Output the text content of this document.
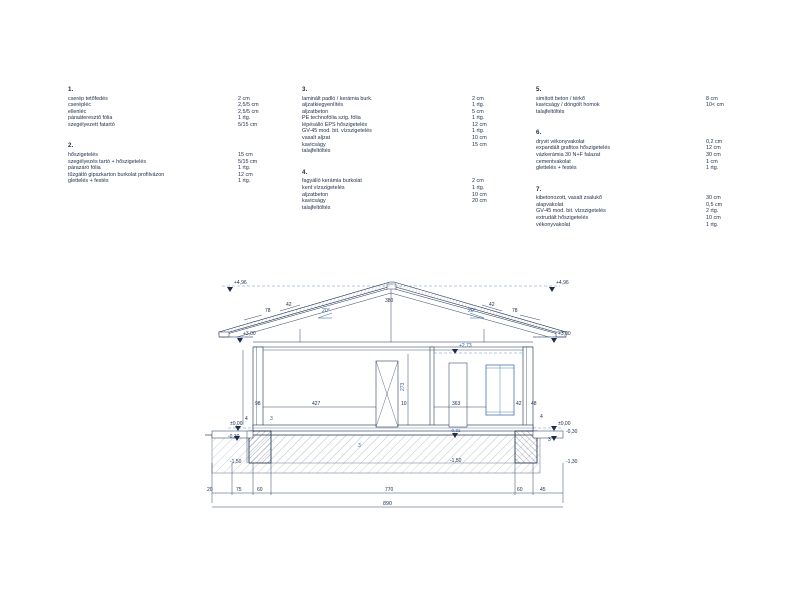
1.
cserép tetőfedés	2 cm
cserépléc	2,5/5 cm
ellenléc	2,5/5 cm
páraáteresztő fólia	1 rtg.
szegélyezett fatartó	5/15 cm
2.
hőszigetelés	15 cm
szegélyezés tartó + hőszigetelés	5/15 cm
párazáró fólia	1 rtg.
tűzgátló gipszkarton burkolat profilvázon	12 cm
glettelés + festés	1 rtg.
3.
laminált padló / kerámia burk.	2 cm
aljzatkiegyenlítés	1 rtg.
aljzatbeton	5 cm
PE technofólia szig. fólia	1 rtg.
lépésálló EPS hőszigetelés	12 cm
GV-45 mod. bit. vízszigetelés	1 rtg.
vasalt aljzat	10 cm
kavicságy	15 cm
talajfeltöltés
4.
fagyálló kerámia burkolat	2 cm
kent vízszigetelés	1 rtg.
aljzatbeton	10 cm
kavicságy	20 cm
talajfeltöltés
5.
simított beton / térkő	8 cm
kavicságy / döngölt homok	10< cm
talajfeltöltés
6.
dryvit vékonyvakolat	0,2 cm
expandált grafitos hőszigetelés	12 cm
vázkerámia 30 N+F falazat	30 cm
cementvakolat	1 cm
glettelés + festés	1 rtg.
7.
kibetonozott, vasalt zsalukő	30 cm
alapvakolat	0,5 cm
GV-45 mod. bit. vízszigetelés	2 rtg.
extrudált hőszigetelés	10 cm
vékonyvakolat	1 rtg.
+4,96	+4,96
+3,00	+3,00
+2,73
±0,00	±0,00
-0,31	-0,30
-0,30
-1,50	-1,50	-1,30
78
42
380
42
78
20°	20°
273
98	427	10	363	42 48
4	3
3
4
3
20	75	60	770	60	45
890
